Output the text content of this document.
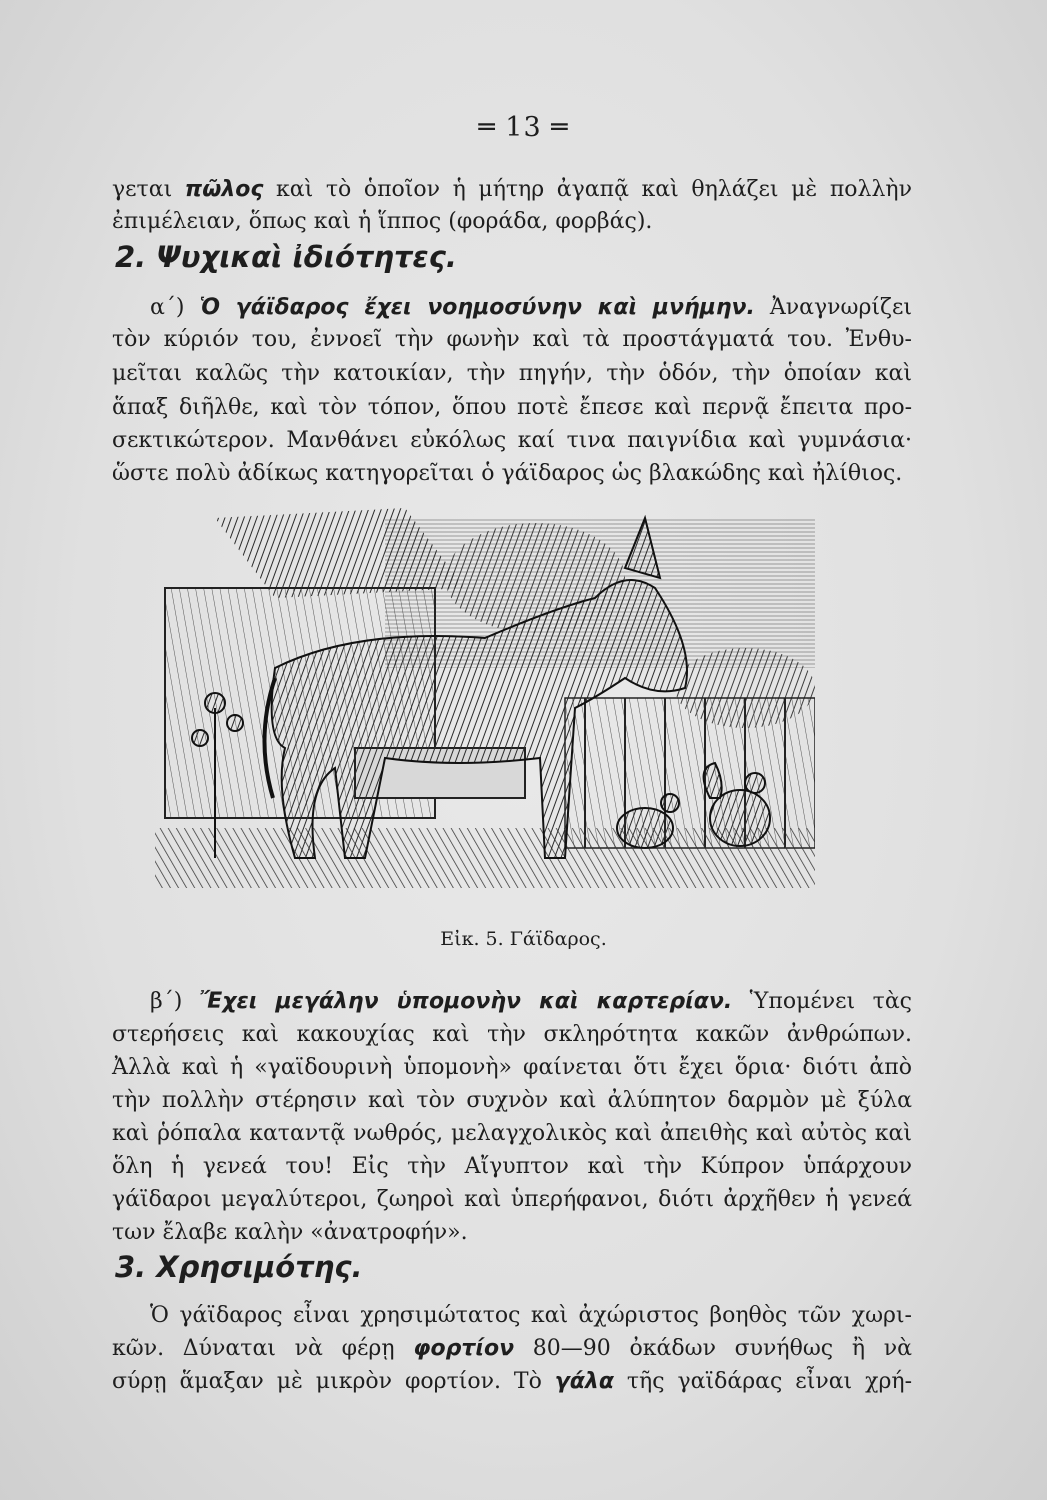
═ 13 ═
γεται πῶλος καὶ τὸ ὁποῖον ἡ μήτηρ ἀγαπᾷ καὶ θηλάζει μὲ πολλὴν
ἐπιμέλειαν, ὅπως καὶ ἡ ἵππος (φοράδα, φορβάς).
2. Ψυχικαὶ ἰδιότητες.
α΄) Ὁ γάϊδαρος ἔχει νοημοσύνην καὶ μνήμην. Ἀναγνωρίζει
τὸν κύριόν του, ἐννοεῖ τὴν φωνὴν καὶ τὰ προστάγματά του. Ἐνθυ-
μεῖται καλῶς τὴν κατοικίαν, τὴν πηγήν, τὴν ὁδόν, τὴν ὁποίαν καὶ
ἅπαξ διῆλθε, καὶ τὸν τόπον, ὅπου ποτὲ ἔπεσε καὶ περνᾷ ἔπειτα προ-
σεκτικώτερον. Μανθάνει εὐκόλως καί τινα παιγνίδια καὶ γυμνάσια·
ὥστε πολὺ ἀδίκως κατηγορεῖται ὁ γάϊδαρος ὡς βλακώδης καὶ ἠλίθιος.
Εἰκ. 5. Γάϊδαρος.
β΄) Ἔχει μεγάλην ὑπομονὴν καὶ καρτερίαν. Ὑπομένει τὰς
στερήσεις καὶ κακουχίας καὶ τὴν σκληρότητα κακῶν ἀνθρώπων.
Ἀλλὰ καὶ ἡ «γαϊδουρινὴ ὑπομονὴ» φαίνεται ὅτι ἔχει ὅρια· διότι ἀπὸ
τὴν πολλὴν στέρησιν καὶ τὸν συχνὸν καὶ ἀλύπητον δαρμὸν μὲ ξύλα
καὶ ῥόπαλα καταντᾷ νωθρός, μελαγχολικὸς καὶ ἀπειθὴς καὶ αὐτὸς καὶ
ὅλη ἡ γενεά του! Εἰς τὴν Αἴγυπτον καὶ τὴν Κύπρον ὑπάρχουν
γάϊδαροι μεγαλύτεροι, ζωηροὶ καὶ ὑπερήφανοι, διότι ἀρχῆθεν ἡ γενεά
των ἔλαβε καλὴν «ἀνατροφήν».
3. Χρησιμότης.
Ὁ γάϊδαρος εἶναι χρησιμώτατος καὶ ἀχώριστος βοηθὸς τῶν χωρι-
κῶν. Δύναται νὰ φέρῃ φορτίον 80—90 ὀκάδων συνήθως ἢ νὰ
σύρῃ ἅμαξαν μὲ μικρὸν φορτίον. Τὸ γάλα τῆς γαϊδάρας εἶναι χρή-
